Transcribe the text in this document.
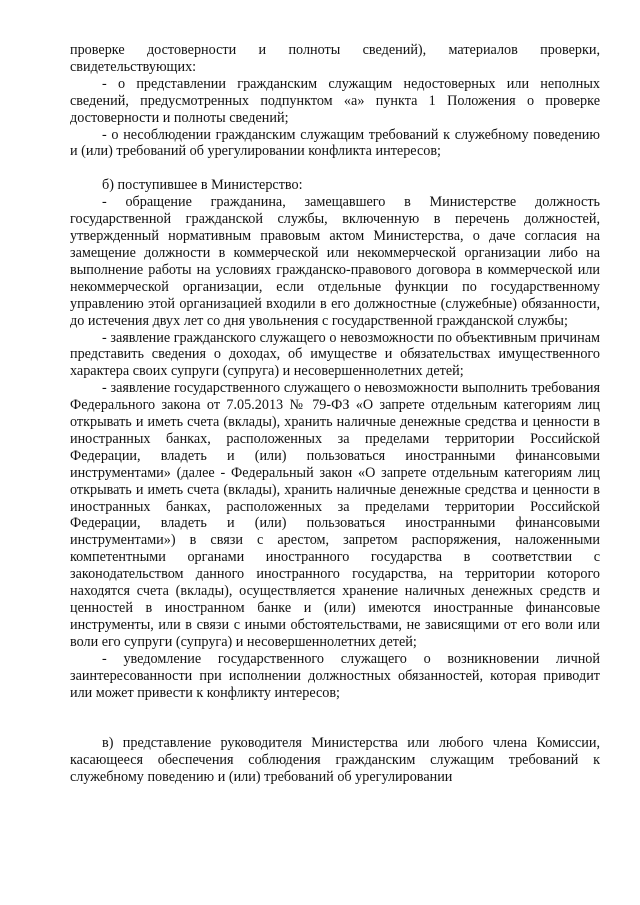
проверке достоверности и полноты сведений), материалов проверки, свидетельствующих:

- о представлении гражданским служащим недостоверных или неполных сведений, предусмотренных подпунктом «а» пункта 1 Положения о проверке достоверности и полноты сведений;

- о несоблюдении гражданским служащим требований к служебному поведению и (или) требований об урегулировании конфликта интересов;

б) поступившее в Министерство:

- обращение гражданина, замещавшего в Министерстве должность государственной гражданской службы, включенную в перечень должностей, утвержденный нормативным правовым актом Министерства, о даче согласия на замещение должности в коммерческой или некоммерческой организации либо на выполнение работы на условиях гражданско-правового договора в коммерческой или некоммерческой организации, если отдельные функции по государственному управлению этой организацией входили в его должностные (служебные) обязанности, до истечения двух лет со дня увольнения с государственной гражданской службы;

- заявление гражданского служащего о невозможности по объективным причинам представить сведения о доходах, об имуществе и обязательствах имущественного характера своих супруги (супруга) и несовершеннолетних детей;

- заявление государственного служащего о невозможности выполнить требования Федерального закона от 7.05.2013 № 79-ФЗ «О запрете отдельным категориям лиц открывать и иметь счета (вклады), хранить наличные денежные средства и ценности в иностранных банках, расположенных за пределами территории Российской Федерации, владеть и (или) пользоваться иностранными финансовыми инструментами» (далее - Федеральный закон «О запрете отдельным категориям лиц открывать и иметь счета (вклады), хранить наличные денежные средства и ценности в иностранных банках, расположенных за пределами территории Российской Федерации, владеть и (или) пользоваться иностранными финансовыми инструментами») в связи с арестом, запретом распоряжения, наложенными компетентными органами иностранного государства в соответствии с законодательством данного иностранного государства, на территории которого находятся счета (вклады), осуществляется хранение наличных денежных средств и ценностей в иностранном банке и (или) имеются иностранные финансовые инструменты, или в связи с иными обстоятельствами, не зависящими от его воли или воли его супруги (супруга) и несовершеннолетних детей;

- уведомление государственного служащего о возникновении личной заинтересованности при исполнении должностных обязанностей, которая приводит или может привести к конфликту интересов;

в) представление руководителя Министерства или любого члена Комиссии, касающееся обеспечения соблюдения гражданским служащим требований к служебному поведению и (или) требований об урегулировании
